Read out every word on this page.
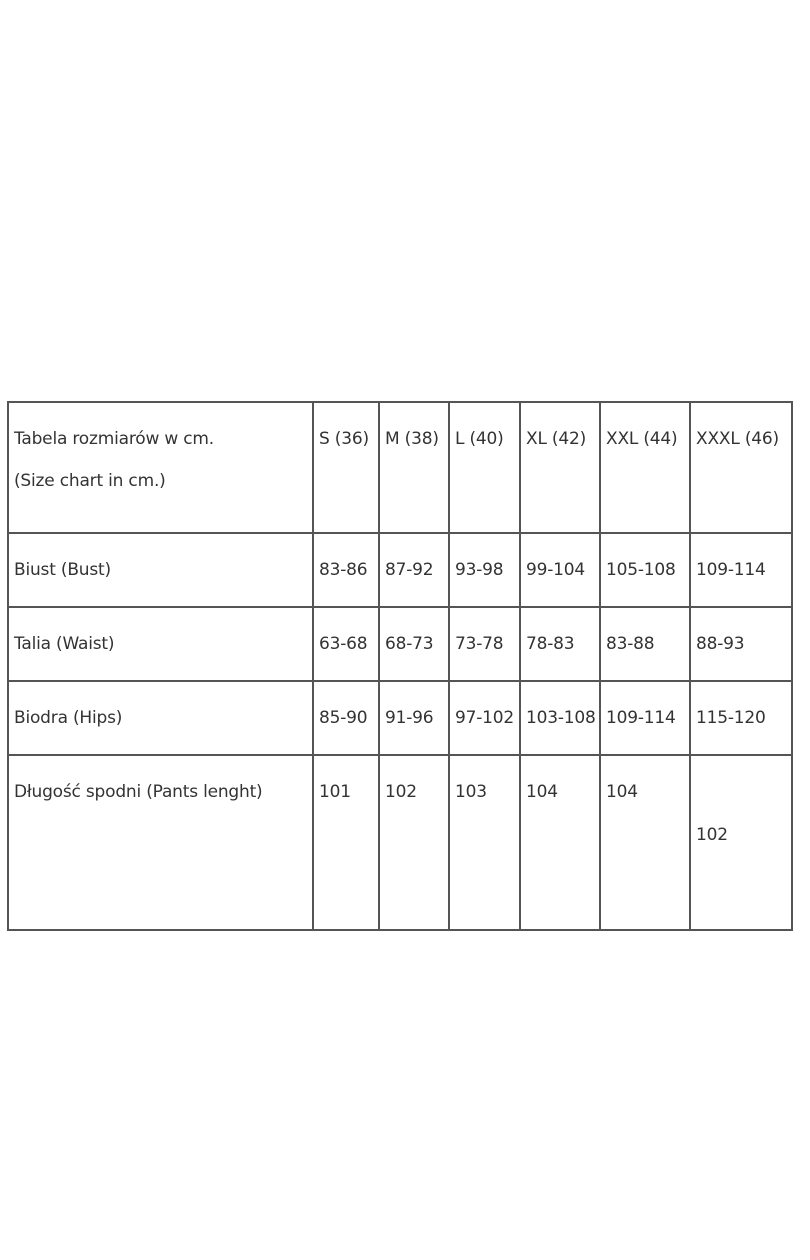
Tabela rozmiarów w cm.
(Size chart in cm.)	S (36)	M (38)	L (40)	XL (42)	XXL (44)	XXXL (46)
Biust (Bust)	83-86	87-92	93-98	99-104	105-108	109-114
Talia (Waist)	63-68	68-73	73-78	78-83	83-88	88-93
Biodra (Hips)	85-90	91-96	97-102	103-108	109-114	115-120
Długość spodni (Pants lenght)	101	102	103	104	104	102
